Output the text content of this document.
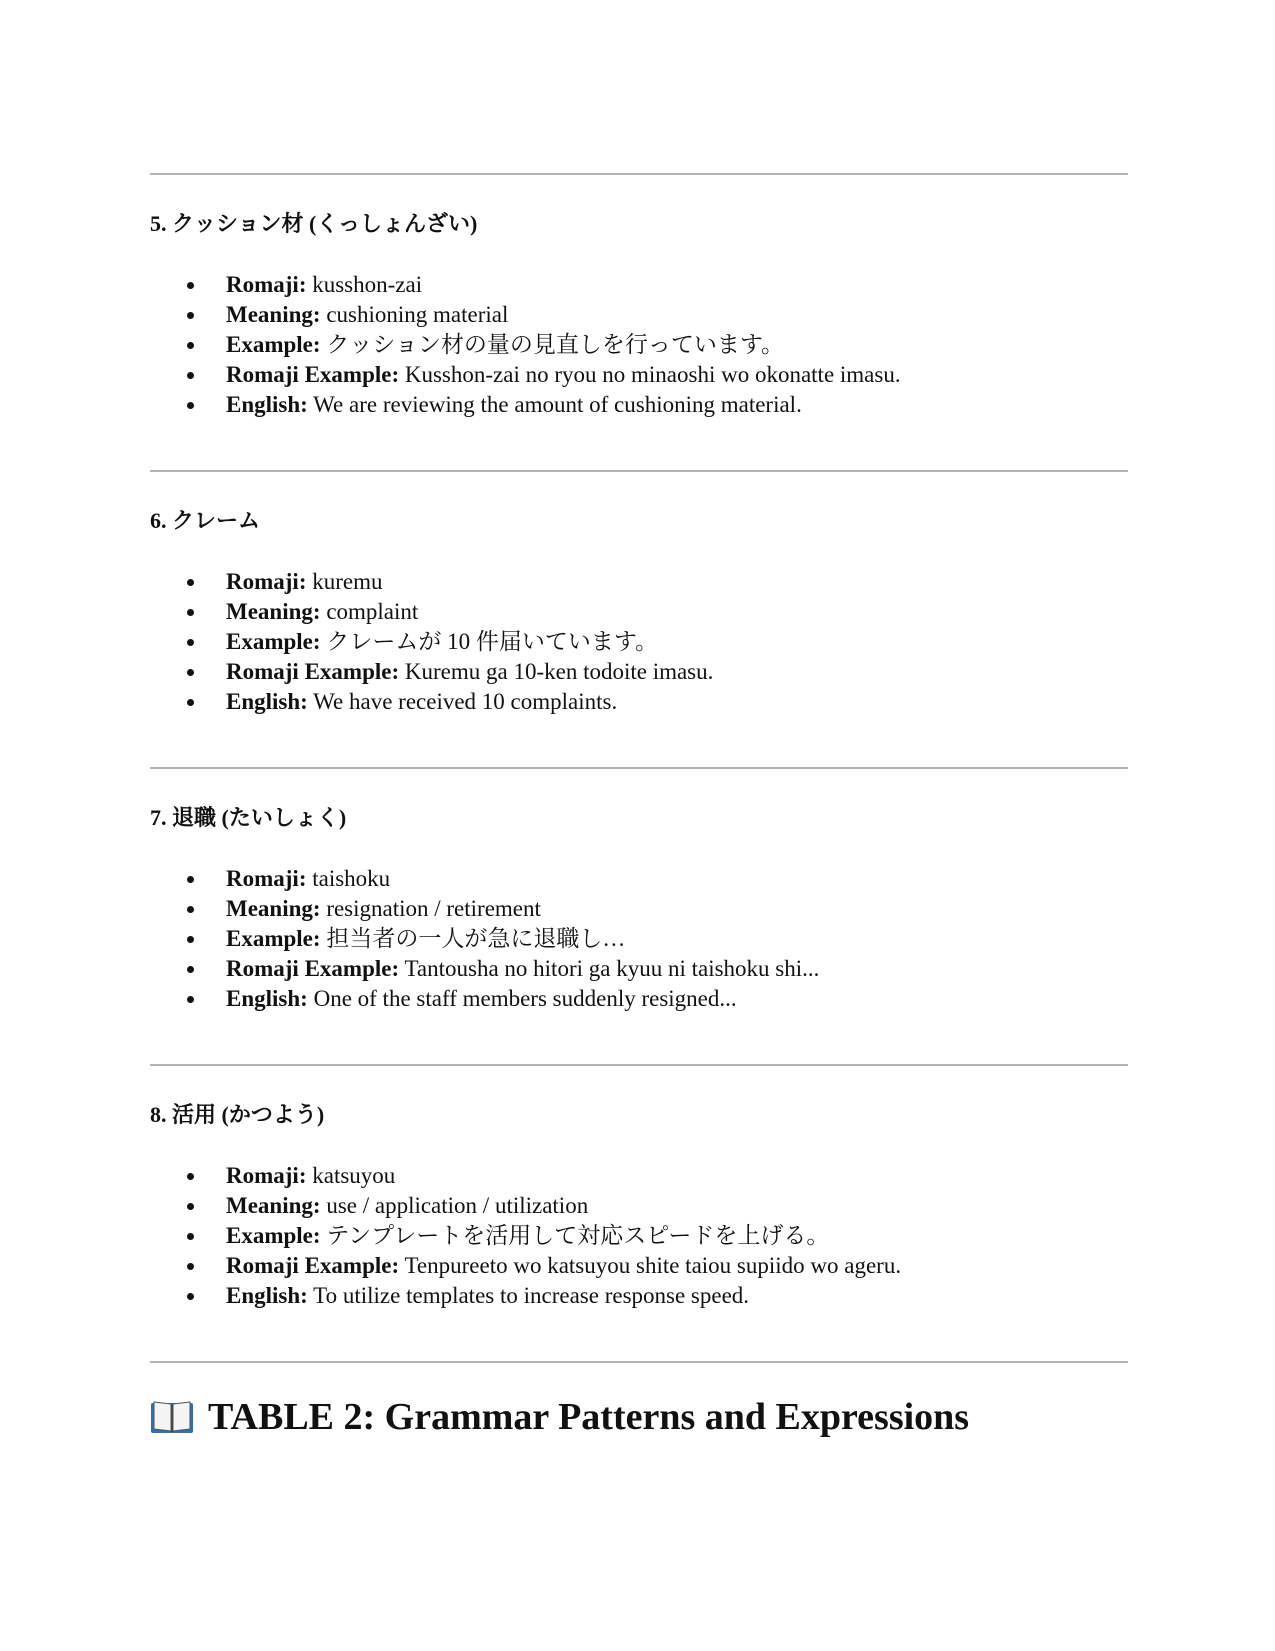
5. クッション材 (くっしょんざい)
Romaji: kusshon-zai
Meaning: cushioning material
Example: クッション材の量の見直しを行っています。
Romaji Example: Kusshon-zai no ryou no minaoshi wo okonatte imasu.
English: We are reviewing the amount of cushioning material.
6. クレーム
Romaji: kuremu
Meaning: complaint
Example: クレームが 10 件届いています。
Romaji Example: Kuremu ga 10-ken todoite imasu.
English: We have received 10 complaints.
7. 退職 (たいしょく)
Romaji: taishoku
Meaning: resignation / retirement
Example: 担当者の一人が急に退職し…
Romaji Example: Tantousha no hitori ga kyuu ni taishoku shi...
English: One of the staff members suddenly resigned...
8. 活用 (かつよう)
Romaji: katsuyou
Meaning: use / application / utilization
Example: テンプレートを活用して対応スピードを上げる。
Romaji Example: Tenpureeto wo katsuyou shite taiou supiido wo ageru.
English: To utilize templates to increase response speed.
TABLE 2: Grammar Patterns and Expressions
